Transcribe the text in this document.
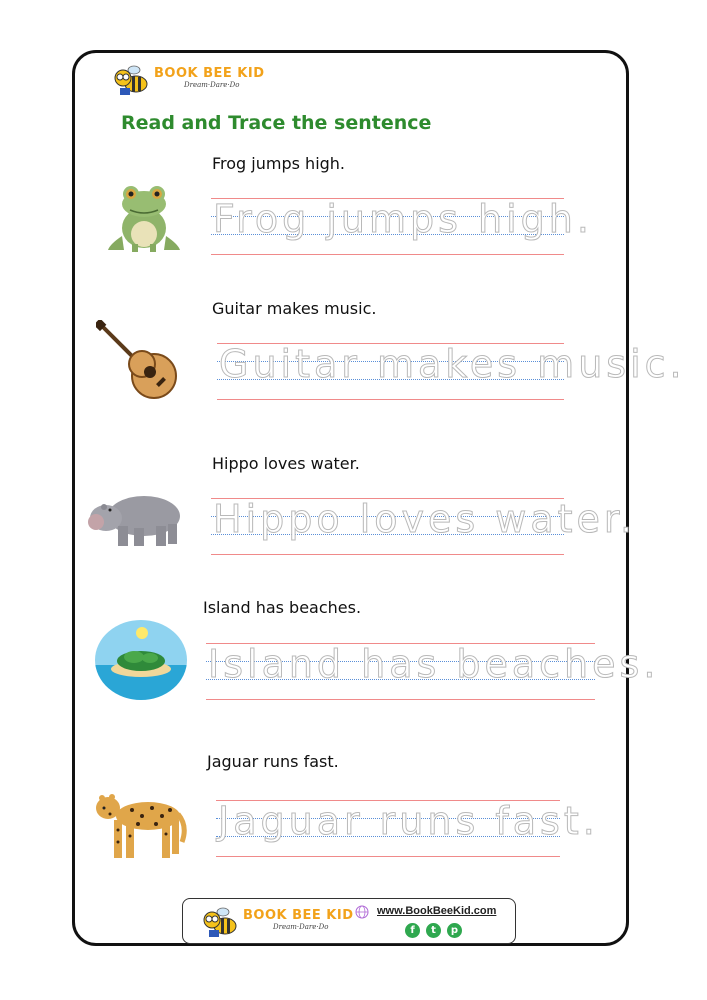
BOOK BEE KID
Dream·Dare·Do
Read and Trace the sentence

Frog jumps high.

Frog jumps high.

Guitar makes music.

Guitar makes music.

Hippo loves water.

Hippo loves water.

Island has beaches.

Island has beaches.

Jaguar runs fast.

Jaguar runs fast.
BOOK BEE KID
Dream·Dare·Do
www.BookBeeKid.com
f	t	p
